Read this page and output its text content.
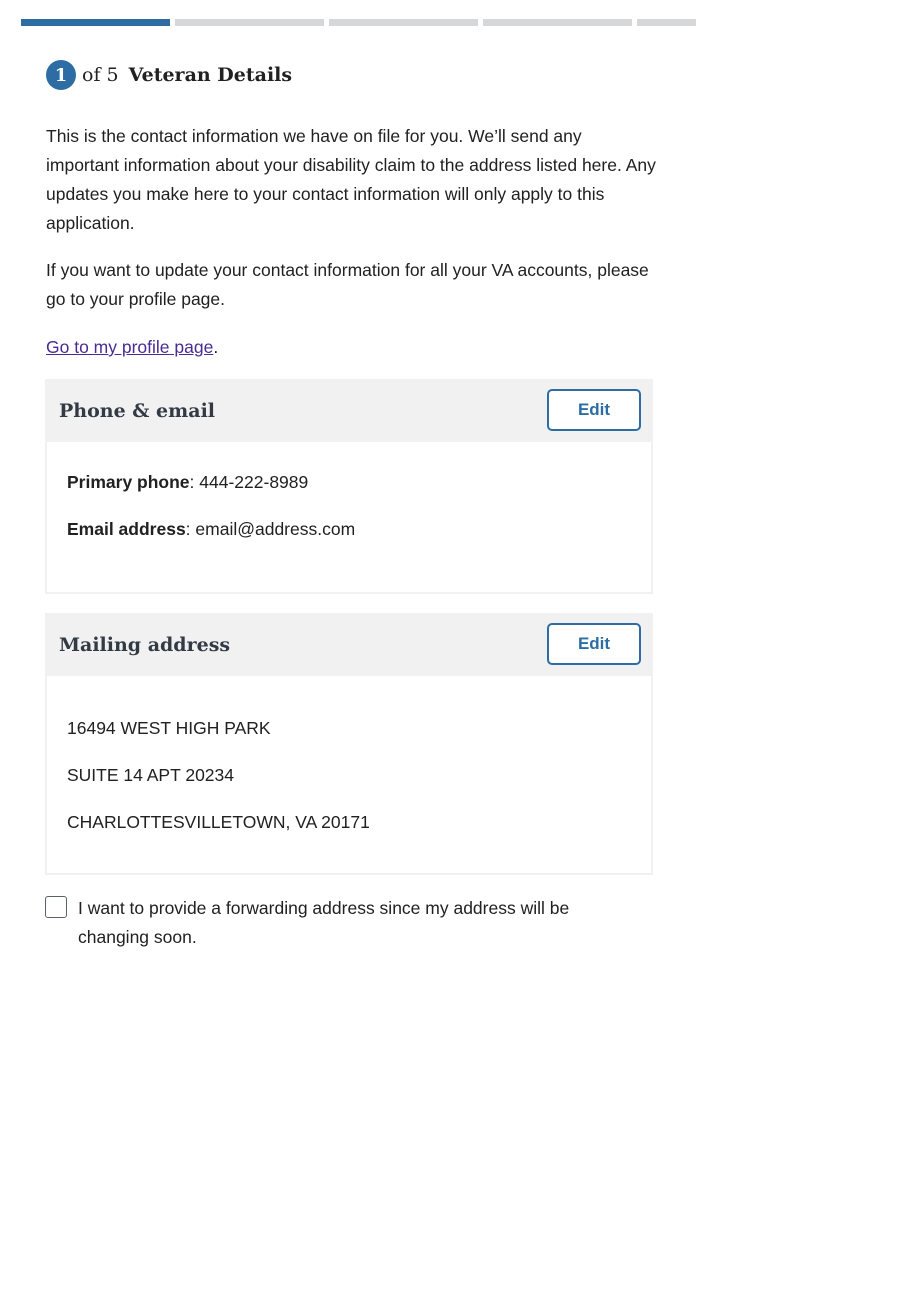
1 of 5 Veteran Details

This is the contact information we have on file for you. We’ll send any important information about your disability claim to the address listed here. Any updates you make here to your contact information will only apply to this application.

If you want to update your contact information for all your VA accounts, please go to your profile page.

Go to my profile page.
Phone & email	Edit

Primary phone: 444-222-8989

Email address: email@address.com

Mailing address	Edit

16494 WEST HIGH PARK

SUITE 14 APT 20234

CHARLOTTESVILLETOWN, VA 20171

I want to provide a forwarding address since my address will be changing soon.
